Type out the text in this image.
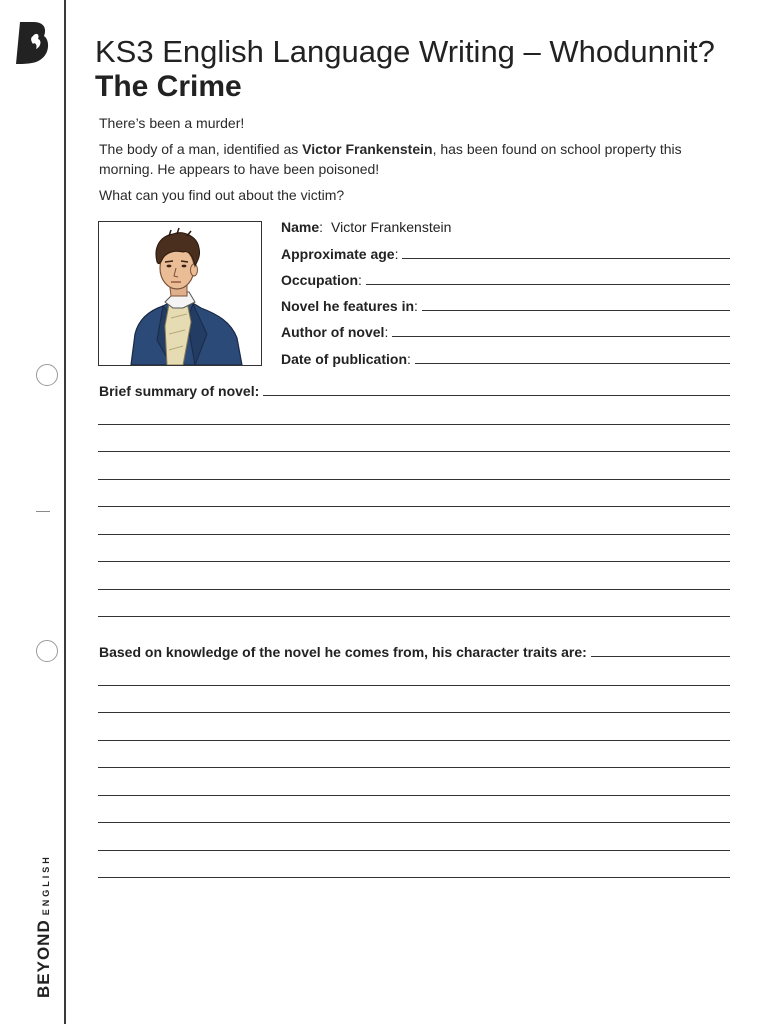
BEYONDENGLISH
KS3 English Language Writing – Whodunnit?
The Crime
There’s been a murder!
The body of a man, identified as Victor Frankenstein, has been found on school property this morning. He appears to have been poisoned!
What can you find out about the victim?
Name : Victor Frankenstein
Approximate age :
Occupation :
Novel he features in :
Author of novel :
Date of publication :
Brief summary of novel:
Based on knowledge of the novel he comes from, his character traits are:
